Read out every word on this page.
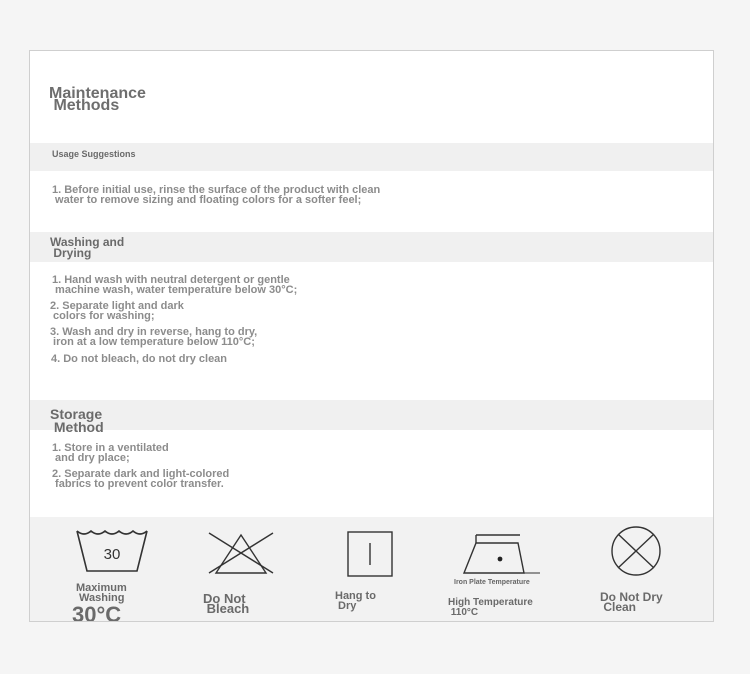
Maintenance
Methods
Usage Suggestions
1. Before initial use, rinse the surface of the product with clean
water to remove sizing and floating colors for a softer feel;
Washing and
Drying
1. Hand wash with neutral detergent or gentle
machine wash, water temperature below 30°C;
2. Separate light and dark
colors for washing;
3. Wash and dry in reverse, hang to dry,
iron at a low temperature below 110°C;
4. Do not bleach, do not dry clean
Storage
Method
1. Store in a ventilated
and dry place;
2. Separate dark and light-colored
fabrics to prevent color transfer.
30
Maximum
Washing
30°C
Do Not
Bleach
Hang to
Dry
Iron Plate Temperature
High Temperature
110°C
Do Not Dry
Clean
